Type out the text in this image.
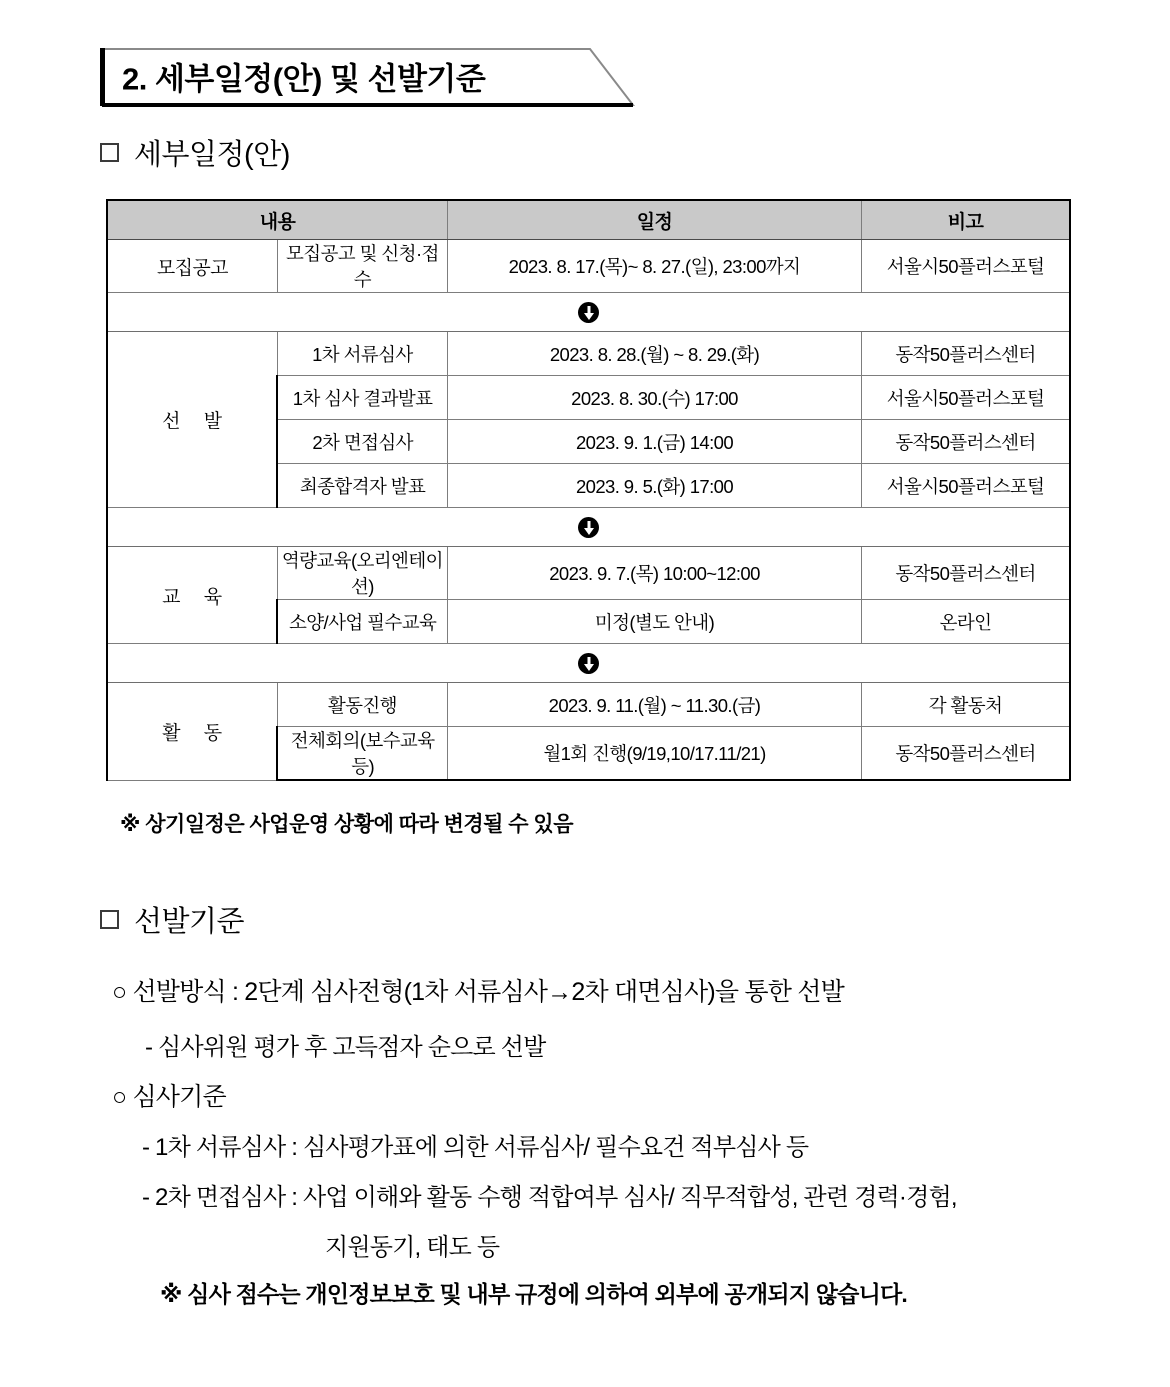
2. 세부일정(안) 및 선발기준
세부일정(안)
내용		일정	비고
모집공고	모집공고 및 신청·접수	2023. 8. 17.(목)~ 8. 27.(일), 23:00까지	서울시50플러스포털

선 발	1차 서류심사	2023. 8. 28.(월) ~ 8. 29.(화)	동작50플러스센터
	1차 심사 결과발표	2023. 8. 30.(수) 17:00	서울시50플러스포털
	2차 면접심사	2023. 9. 1.(금) 14:00	동작50플러스센터
	최종합격자 발표	2023. 9. 5.(화) 17:00	서울시50플러스포털

교 육	역량교육(오리엔테이션)	2023. 9. 7.(목) 10:00~12:00	동작50플러스센터
	소양/사업 필수교육	미정(별도 안내)	온라인

활 동	활동진행	2023. 9. 11.(월) ~ 11.30.(금)	각 활동처
	전체회의(보수교육 등)	월1회 진행(9/19,10/17.11/21)	동작50플러스센터
※ 상기일정은 사업운영 상황에 따라 변경될 수 있음
선발기준
○ 선발방식 : 2단계 심사전형(1차 서류심사→2차 대면심사)을 통한 선발
- 심사위원 평가 후 고득점자 순으로 선발
○ 심사기준
- 1차 서류심사 : 심사평가표에 의한 서류심사/ 필수요건 적부심사 등
- 2차 면접심사 : 사업 이해와 활동 수행 적합여부 심사/ 직무적합성, 관련 경력·경험,
지원동기, 태도 등
※ 심사 점수는 개인정보보호 및 내부 규정에 의하여 외부에 공개되지 않습니다.
